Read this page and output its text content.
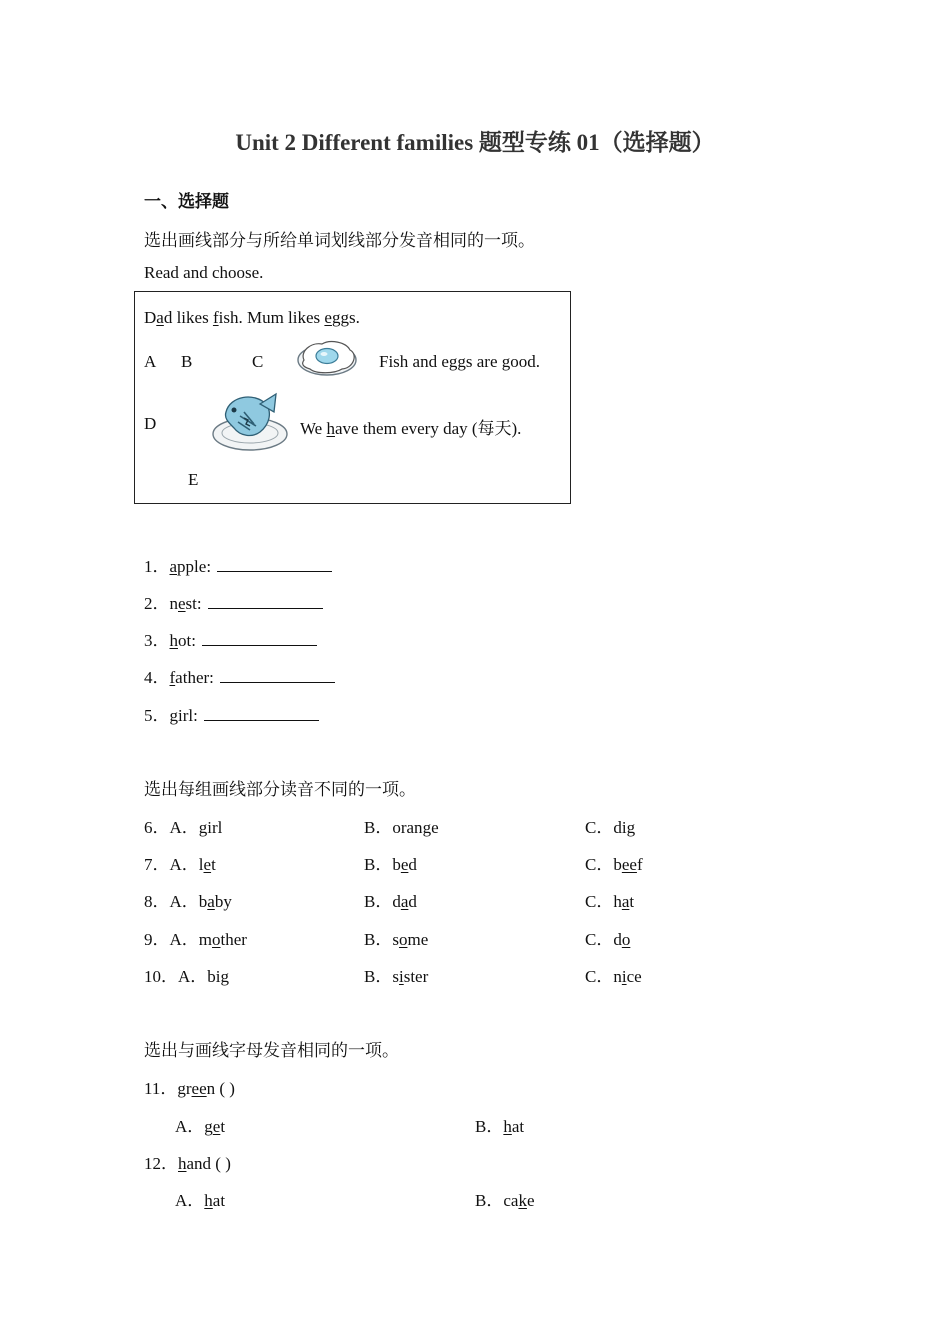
Unit 2 Different families 题型专练 01（选择题）
一、选择题
选出画线部分与所给单词划线部分发音相同的一项。
Read and choose.
Dad likes fish. Mum likes eggs.
A B	C	Fish and eggs are good.
D	We have them every day (每天).
E
1．apple:
2．nest:
3．hot:
4．father:
5．girl:
选出每组画线部分读音不同的一项。
6．A．girl	B．orange	C．dig
7．A．let	B．bed	C．beef
8．A．baby	B．dad	C．hat
9．A．mother	B．some	C．do
10．A．big	B．sister	C．nice
选出与画线字母发音相同的一项。
11．green ( )
A．get	B．hat
12．hand ( )
A．hat	B．cake
